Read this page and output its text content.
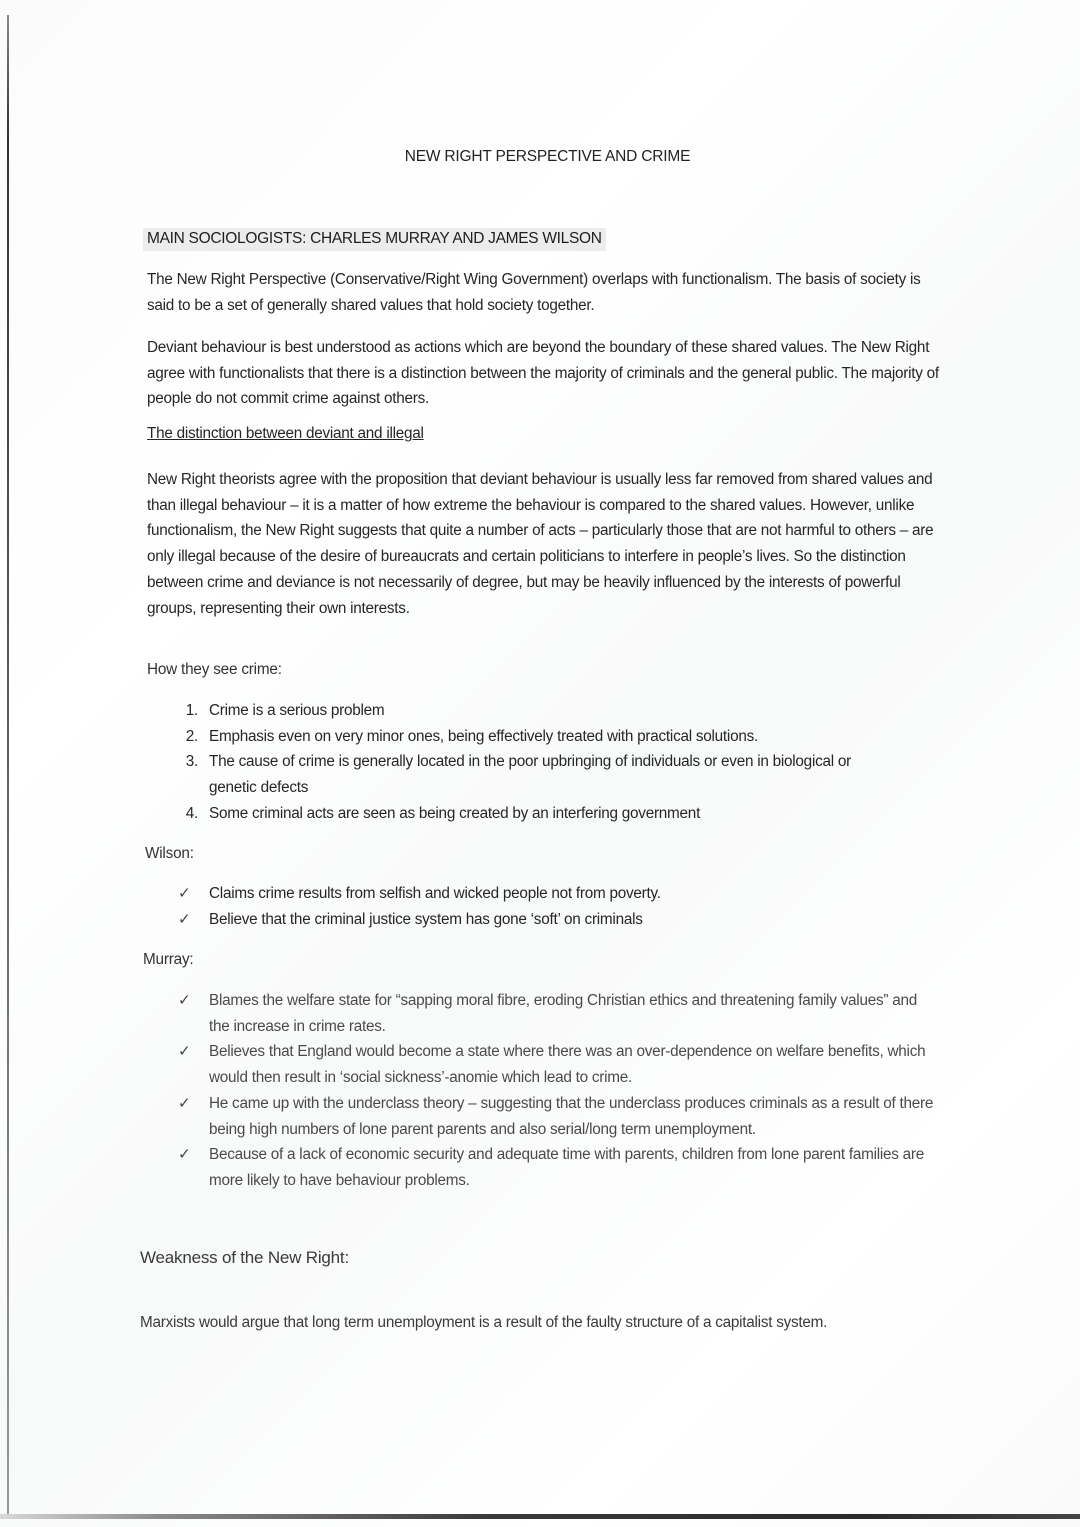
NEW RIGHT PERSPECTIVE AND CRIME
MAIN SOCIOLOGISTS: CHARLES MURRAY AND JAMES WILSON
The New Right Perspective (Conservative/Right Wing Government) overlaps with functionalism. The basis of society is said to be a set of generally shared values that hold society together.
Deviant behaviour is best understood as actions which are beyond the boundary of these shared values. The New Right agree with functionalists that there is a distinction between the majority of criminals and the general public. The majority of people do not commit crime against others.
The distinction between deviant and illegal
New Right theorists agree with the proposition that deviant behaviour is usually less far removed from shared values and than illegal behaviour – it is a matter of how extreme the behaviour is compared to the shared values. However, unlike functionalism, the New Right suggests that quite a number of acts – particularly those that are not harmful to others – are only illegal because of the desire of bureaucrats and certain politicians to interfere in people’s lives. So the distinction between crime and deviance is not necessarily of degree, but may be heavily influenced by the interests of powerful groups, representing their own interests.
How they see crime:
1. Crime is a serious problem
2. Emphasis even on very minor ones, being effectively treated with practical solutions.
3. The cause of crime is generally located in the poor upbringing of individuals or even in biological or genetic defects
4. Some criminal acts are seen as being created by an interfering government
Wilson:
✓	Claims crime results from selfish and wicked people not from poverty.
✓	Believe that the criminal justice system has gone ‘soft’ on criminals
Murray:
✓	Blames the welfare state for “sapping moral fibre, eroding Christian ethics and threatening family values” and the increase in crime rates.
✓	Believes that England would become a state where there was an over-dependence on welfare benefits, which would then result in ‘social sickness’-anomie which lead to crime.
✓	He came up with the underclass theory – suggesting that the underclass produces criminals as a result of there being high numbers of lone parent parents and also serial/long term unemployment.
✓	Because of a lack of economic security and adequate time with parents, children from lone parent families are more likely to have behaviour problems.
Weakness of the New Right:
Marxists would argue that long term unemployment is a result of the faulty structure of a capitalist system.
